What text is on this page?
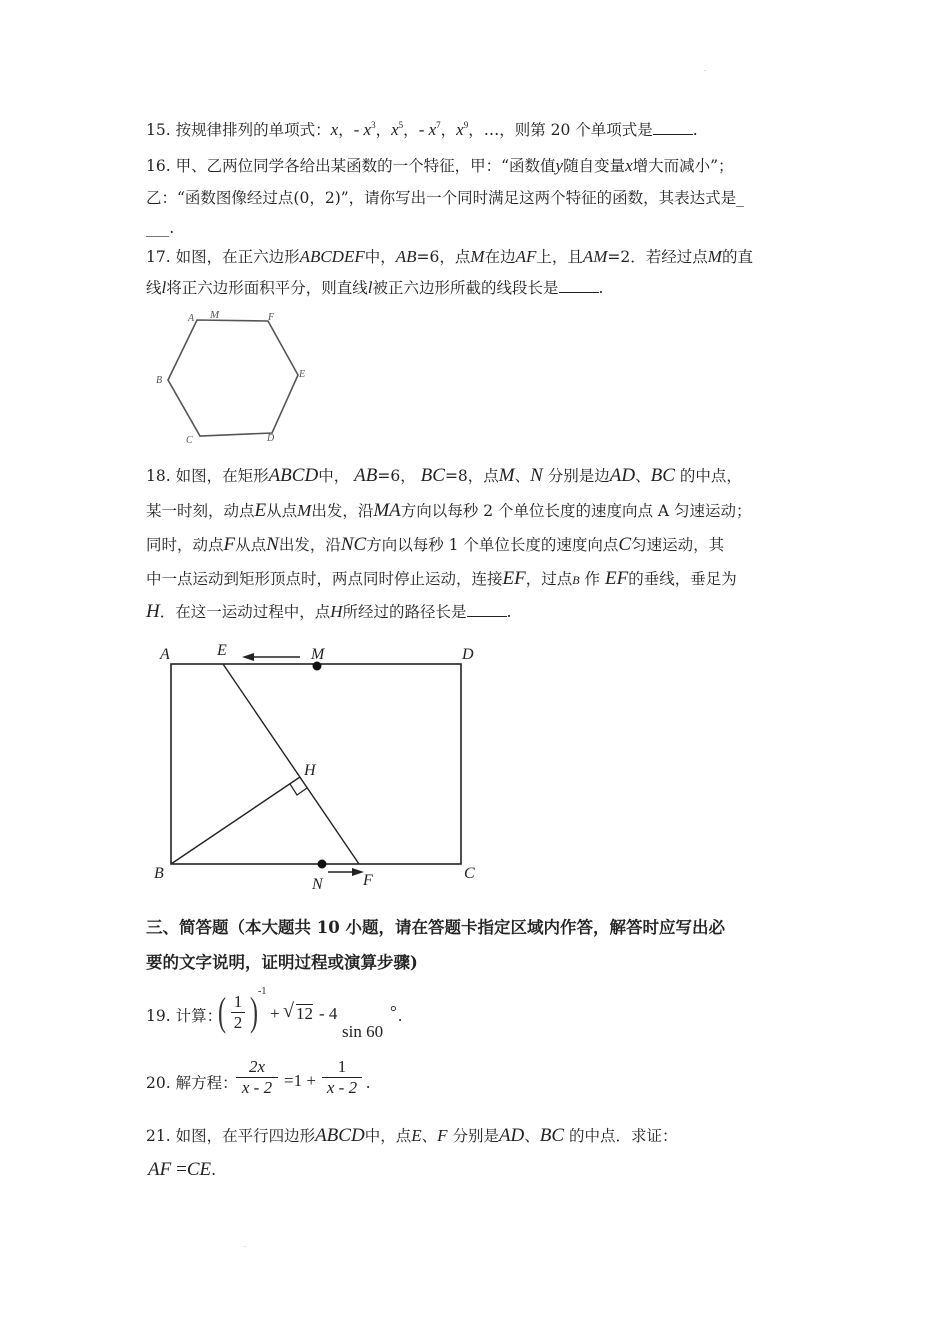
·
·
15. 按规律排列的单项式：x，- $x^3$，$x^5$，- $x^7$，$x^9$，…，则第 20 个单项式是	.
16. 甲、乙两位同学各给出某函数的一个特征，甲：“函数值y随自变量x增大而减小”；
乙：“函数图像经过点(0，2)”，请你写出一个同时满足这两个特征的函数，其表达式是_
___.
17. 如图，在正六边形ABCDEF中，AB=6，点M在边AF上，且AM=2．若经过点M的直
线l将正六边形面积平分，则直线l被正六边形所截的线段长是	.
A M	F
B
E
C	D
18. 如图，在矩形ABCD中， AB=6， BC=8，点M、N 分别是边AD、BC 的中点，
某一时刻，动点E从点M出发，沿MA方向以每秒 2 个单位长度的速度向点 A 匀速运动；
同时，动点F从点N出发，沿NC方向以每秒 1 个单位长度的速度向点C匀速运动，其
中一点运动到矩形顶点时，两点同时停止运动，连接EF，过点B 作 EF的垂线，垂足为
H．在这一运动过程中，点H所经过的路径长是	.
A	E	M	D
H
B
N	F	C
三、简答题（本大题共 10 小题，请在答题卡指定区域内作答，解答时应写出必
要的文字说明，证明过程或演算步骤)
19. 计算：
( $\frac{1}{2}$ ) -1
+ √ 12 - 4
sin 60
° .
20. 解方程：
$\frac{2x}{x - 2} =1 + \frac{1}{x - 2}$ .
21. 如图，在平行四边形ABCD中，点E、F 分别是AD、BC 的中点．求证：
AF =CE.
